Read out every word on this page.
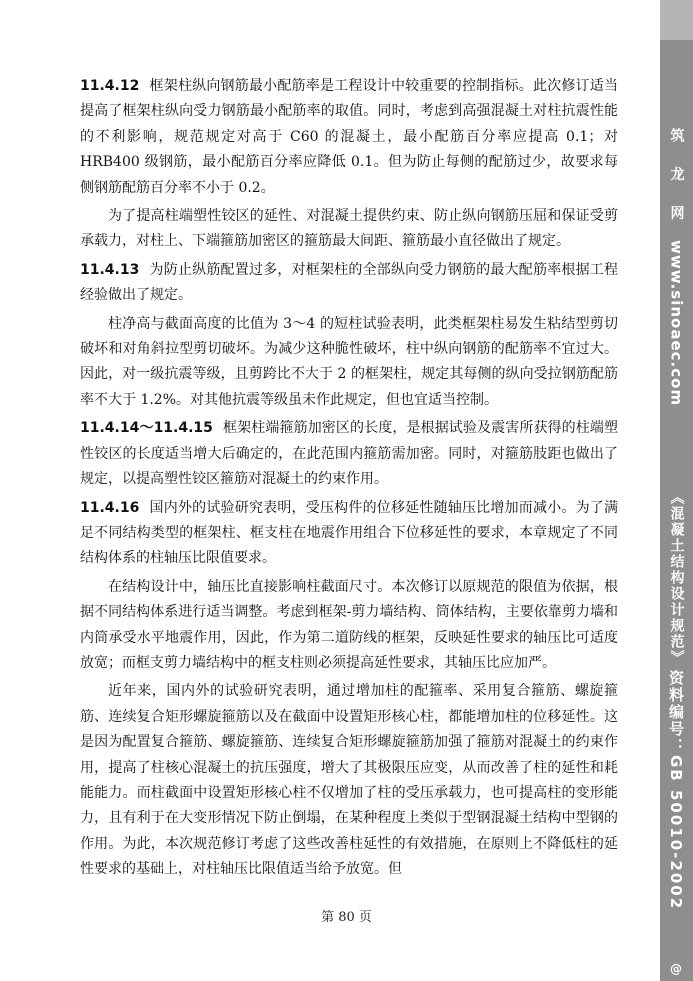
11.4.12 框架柱纵向钢筋最小配筋率是工程设计中较重要的控制指标。此次修订适当提高了框架柱纵向受力钢筋最小配筋率的取值。同时，考虑到高强混凝土对柱抗震性能的不利影响，规范规定对高于 C60 的混凝土，最小配筋百分率应提高 0.1；对 HRB400 级钢筋，最小配筋百分率应降低 0.1。但为防止每侧的配筋过少，故要求每侧钢筋配筋百分率不小于 0.2。

为了提高柱端塑性铰区的延性、对混凝土提供约束、防止纵向钢筋压屈和保证受剪承载力，对柱上、下端箍筋加密区的箍筋最大间距、箍筋最小直径做出了规定。

11.4.13 为防止纵筋配置过多，对框架柱的全部纵向受力钢筋的最大配筋率根据工程经验做出了规定。

柱净高与截面高度的比值为 3～4 的短柱试验表明，此类框架柱易发生粘结型剪切破坏和对角斜拉型剪切破坏。为减少这种脆性破坏，柱中纵向钢筋的配筋率不宜过大。因此，对一级抗震等级，且剪跨比不大于 2 的框架柱，规定其每侧的纵向受拉钢筋配筋率不大于 1.2%。对其他抗震等级虽未作此规定，但也宜适当控制。

11.4.14～11.4.15 框架柱端箍筋加密区的长度，是根据试验及震害所获得的柱端塑性铰区的长度适当增大后确定的，在此范围内箍筋需加密。同时，对箍筋肢距也做出了规定，以提高塑性铰区箍筋对混凝土的约束作用。

11.4.16 国内外的试验研究表明，受压构件的位移延性随轴压比增加而减小。为了满足不同结构类型的框架柱、框支柱在地震作用组合下位移延性的要求，本章规定了不同结构体系的柱轴压比限值要求。

在结构设计中，轴压比直接影响柱截面尺寸。本次修订以原规范的限值为依据，根据不同结构体系进行适当调整。考虑到框架-剪力墙结构、筒体结构，主要依靠剪力墙和内筒承受水平地震作用，因此，作为第二道防线的框架，反映延性要求的轴压比可适度放宽；而框支剪力墙结构中的框支柱则必须提高延性要求，其轴压比应加严。

近年来，国内外的试验研究表明，通过增加柱的配箍率、采用复合箍筋、螺旋箍筋、连续复合矩形螺旋箍筋以及在截面中设置矩形核心柱，都能增加柱的位移延性。这是因为配置复合箍筋、螺旋箍筋、连续复合矩形螺旋箍筋加强了箍筋对混凝土的约束作用，提高了柱核心混凝土的抗压强度，增大了其极限压应变，从而改善了柱的延性和耗能能力。而柱截面中设置矩形核心柱不仅增加了柱的受压承载力，也可提高柱的变形能力，且有利于在大变形情况下防止倒塌，在某种程度上类似于型钢混凝土结构中型钢的作用。为此，本次规范修订考虑了这些改善柱延性的有效措施，在原则上不降低柱的延性要求的基础上，对柱轴压比限值适当给予放宽。但

第 80 页
筑 龙 网
www.sinoaec.com
《混凝土结构设计规范》
资料编号：GB 50010-2002
@
